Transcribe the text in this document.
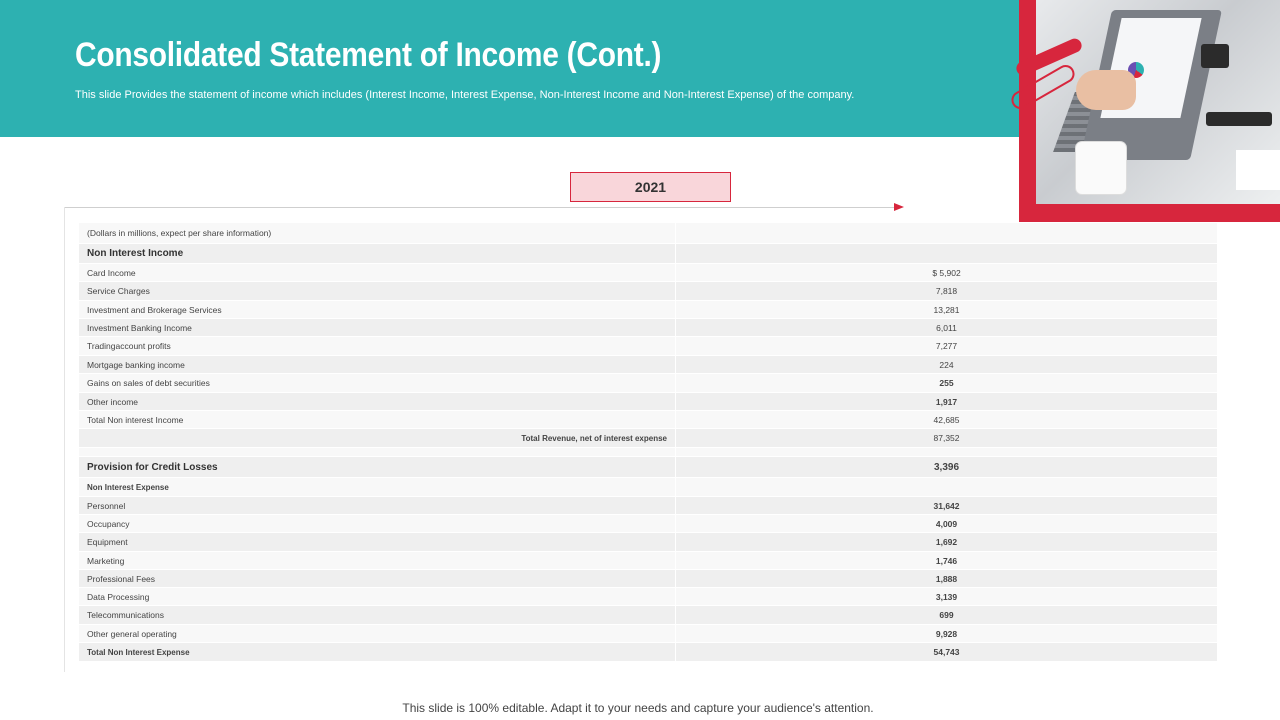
Consolidated Statement of Income (Cont.)
This slide Provides the statement of income which includes (Interest Income, Interest Expense, Non-Interest Income and Non-Interest Expense) of the company.
2021
(Dollars in millions, expect per share information)
Non Interest Income
Card Income	$ 5,902
Service Charges	7,818
Investment and Brokerage Services	13,281
Investment Banking Income	6,011
Tradingaccount profits	7,277
Mortgage banking income	224
Gains on sales of debt securities	255
Other income	1,917
Total Non interest Income	42,685
Total Revenue, net of interest expense	87,352
Provision for Credit Losses	3,396
Non Interest Expense
Personnel	31,642
Occupancy	4,009
Equipment	1,692
Marketing	1,746
Professional Fees	1,888
Data Processing	3,139
Telecommunications	699
Other general operating	9,928
Total Non Interest Expense	54,743
This slide is 100% editable. Adapt it to your needs and capture your audience's attention.
